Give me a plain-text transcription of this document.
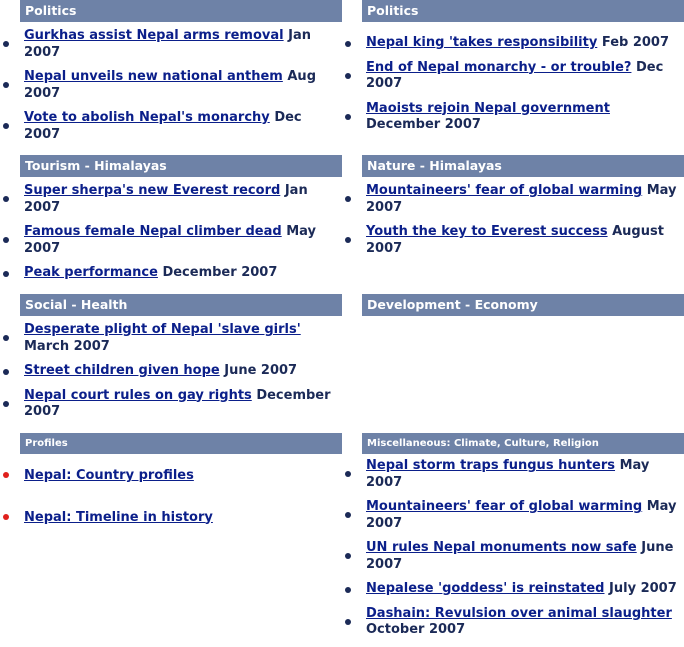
Politics
Gurkhas assist Nepal arms removal Jan 2007
Nepal unveils new national anthem Aug 2007
Vote to abolish Nepal's monarchy Dec 2007
Tourism - Himalayas
Super sherpa's new Everest record Jan 2007
Famous female Nepal climber dead May 2007
Peak performance December 2007
Social - Health
Desperate plight of Nepal 'slave girls' March 2007
Street children given hope June 2007
Nepal court rules on gay rights December 2007
Profiles
Nepal: Country profiles
Nepal: Timeline in history
Politics
Nepal king 'takes responsibility Feb 2007
End of Nepal monarchy - or trouble? Dec 2007
Maoists rejoin Nepal government December 2007
Nature - Himalayas
Mountaineers' fear of global warming May 2007
Youth the key to Everest success August 2007
Development - Economy
Miscellaneous: Climate, Culture, Religion
Nepal storm traps fungus hunters May 2007
Mountaineers' fear of global warming May 2007
UN rules Nepal monuments now safe June 2007
Nepalese 'goddess' is reinstated July 2007
Dashain: Revulsion over animal slaughter October 2007
